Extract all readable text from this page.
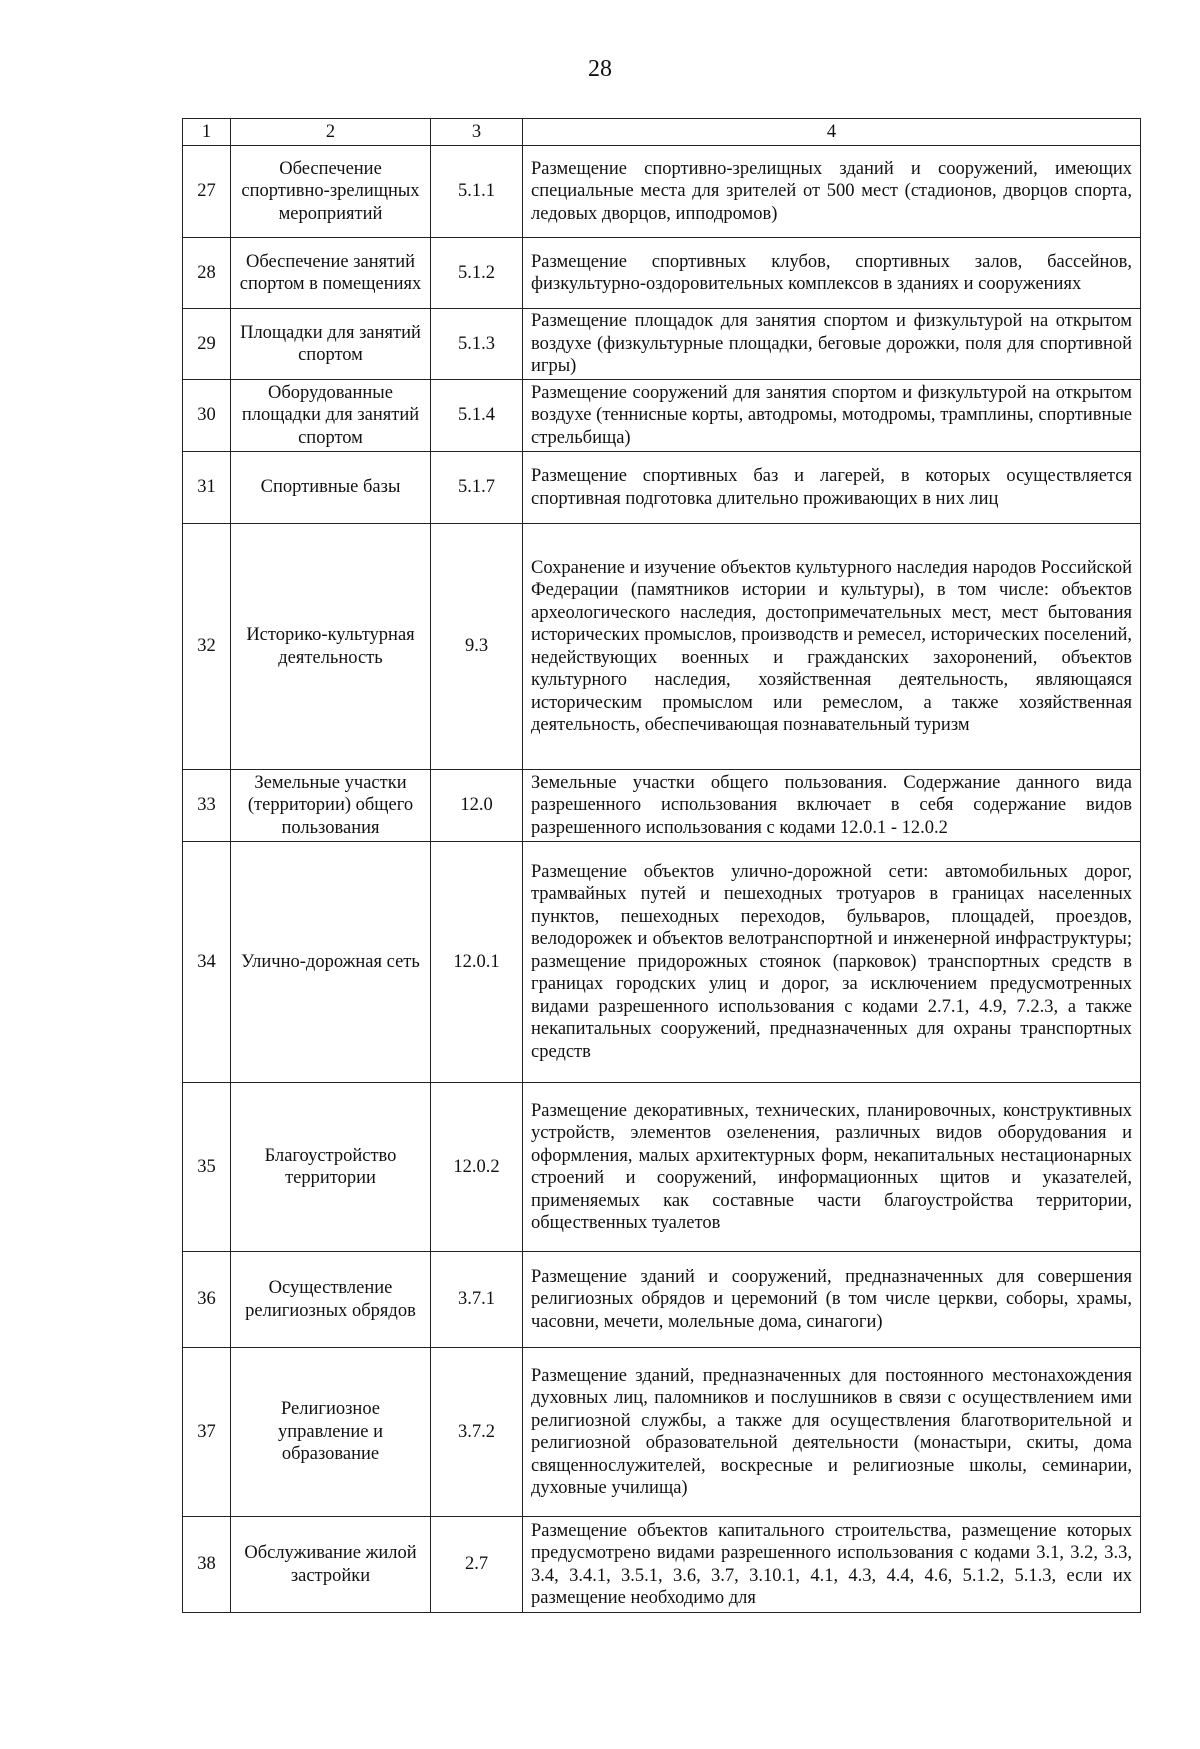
28
1	2	3	4
27	Обеспечение спортивно-зрелищных мероприятий	5.1.1	Размещение спортивно-зрелищных зданий и сооружений, имеющих специальные места для зрителей от 500 мест (стадионов, дворцов спорта, ледовых дворцов, ипподромов)
28	Обеспечение занятий спортом в помещениях	5.1.2	Размещение спортивных клубов, спортивных залов, бассейнов, физкультурно-оздоровительных комплексов в зданиях и сооружениях
29	Площадки для занятий спортом	5.1.3	Размещение площадок для занятия спортом и физкультурой на открытом воздухе (физкультурные площадки, беговые дорожки, поля для спортивной игры)
30	Оборудованные площадки для занятий спортом	5.1.4	Размещение сооружений для занятия спортом и физкультурой на открытом воздухе (теннисные корты, автодромы, мотодромы, трамплины, спортивные стрельбища)
31	Спортивные базы	5.1.7	Размещение спортивных баз и лагерей, в которых осуществляется спортивная подготовка длительно проживающих в них лиц
32	Историко-культурная деятельность	9.3	Сохранение и изучение объектов культурного наследия народов Российской Федерации (памятников истории и культуры), в том числе: объектов археологического наследия, достопримечательных мест, мест бытования исторических промыслов, производств и ремесел, исторических поселений, недействующих военных и гражданских захоронений, объектов культурного наследия, хозяйственная деятельность, являющаяся историческим промыслом или ремеслом, а также хозяйственная деятельность, обеспечивающая познавательный туризм
33	Земельные участки (территории) общего пользования	12.0	Земельные участки общего пользования. Содержание данного вида разрешенного использования включает в себя содержание видов разрешенного использования с кодами 12.0.1 - 12.0.2
34	Улично-дорожная сеть	12.0.1	Размещение объектов улично-дорожной сети: автомобильных дорог, трамвайных путей и пешеходных тротуаров в границах населенных пунктов, пешеходных переходов, бульваров, площадей, проездов, велодорожек и объектов велотранспортной и инженерной инфраструктуры; размещение придорожных стоянок (парковок) транспортных средств в границах городских улиц и дорог, за исключением предусмотренных видами разрешенного использования с кодами 2.7.1, 4.9, 7.2.3, а также некапитальных сооружений, предназначенных для охраны транспортных средств
35	Благоустройство территории	12.0.2	Размещение декоративных, технических, планировочных, конструктивных устройств, элементов озеленения, различных видов оборудования и оформления, малых архитектурных форм, некапитальных нестационарных строений и сооружений, информационных щитов и указателей, применяемых как составные части благоустройства территории, общественных туалетов
36	Осуществление религиозных обрядов	3.7.1	Размещение зданий и сооружений, предназначенных для совершения религиозных обрядов и церемоний (в том числе церкви, соборы, храмы, часовни, мечети, молельные дома, синагоги)
37	Религиозное управление и образование	3.7.2	Размещение зданий, предназначенных для постоянного местонахождения духовных лиц, паломников и послушников в связи с осуществлением ими религиозной службы, а также для осуществления благотворительной и религиозной образовательной деятельности (монастыри, скиты, дома священнослужителей, воскресные и религиозные школы, семинарии, духовные училища)
38	Обслуживание жилой застройки	2.7	Размещение объектов капитального строительства, размещение которых предусмотрено видами разрешенного использования с кодами 3.1, 3.2, 3.3, 3.4, 3.4.1, 3.5.1, 3.6, 3.7, 3.10.1, 4.1, 4.3, 4.4, 4.6, 5.1.2, 5.1.3, если их размещение необходимо для
